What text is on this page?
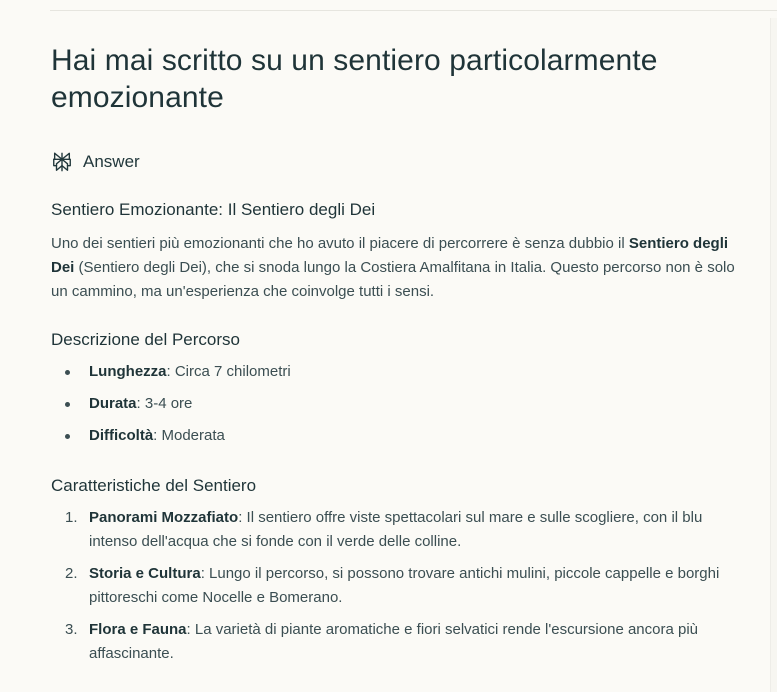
Hai mai scritto su un sentiero particolarmente emozionante
Answer
Sentiero Emozionante: Il Sentiero degli Dei

Uno dei sentieri più emozionanti che ho avuto il piacere di percorrere è senza dubbio il Sentiero degli Dei (Sentiero degli Dei), che si snoda lungo la Costiera Amalfitana in Italia. Questo percorso non è solo un cammino, ma un'esperienza che coinvolge tutti i sensi.

Descrizione del Percorso
Lunghezza: Circa 7 chilometri
Durata: 3-4 ore
Difficoltà: Moderata
Caratteristiche del Sentiero
1. Panorami Mozzafiato: Il sentiero offre viste spettacolari sul mare e sulle scogliere, con il blu intenso dell'acqua che si fonde con il verde delle colline.
2. Storia e Cultura: Lungo il percorso, si possono trovare antichi mulini, piccole cappelle e borghi pittoreschi come Nocelle e Bomerano.
3. Flora e Fauna: La varietà di piante aromatiche e fiori selvatici rende l'escursione ancora più affascinante.
